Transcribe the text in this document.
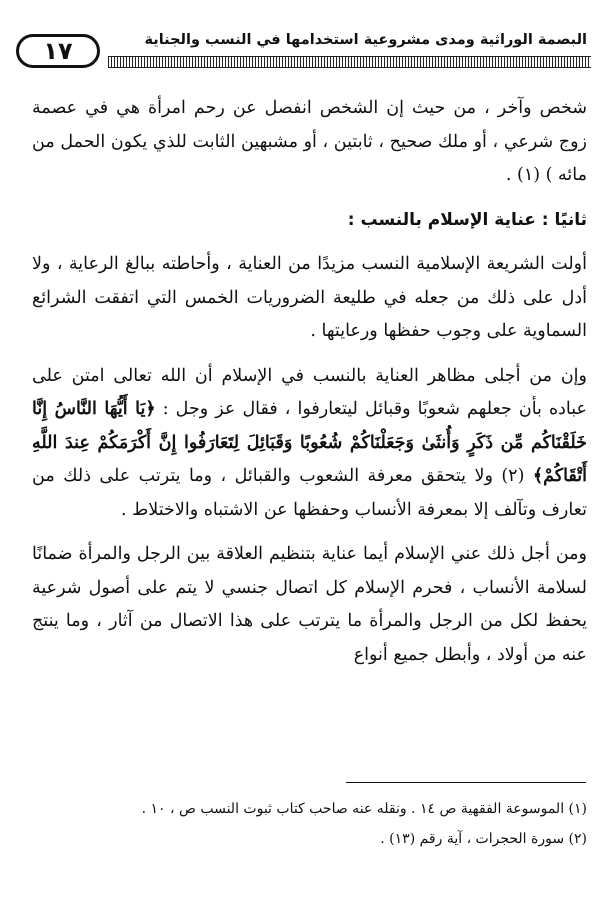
١٧	البصمة الوراثية ومدى مشروعية استخدامها في النسب والجناية

شخص وآخر ، من حيث إن الشخص انفصل عن رحم امرأة هي في عصمة زوج شرعي ، أو ملك صحيح ، ثابتين ، أو مشبهين الثابت للذي يكون الحمل من مائه ) (١) .

ثانيًا : عناية الإسلام بالنسب :

أولت الشريعة الإسلامية النسب مزيدًا من العناية ، وأحاطته ببالغ الرعاية ، ولا أدل على ذلك من جعله في طليعة الضروريات الخمس التي اتفقت الشرائع السماوية على وجوب حفظها ورعايتها .

وإن من أجلى مظاهر العناية بالنسب في الإسلام أن الله تعالى امتن على عباده بأن جعلهم شعوبًا وقبائل ليتعارفوا ، فقال عز وجل : ﴿يَا أَيُّهَا النَّاسُ إِنَّا خَلَقْنَاكُم مِّن ذَكَرٍ وَأُنثَىٰ وَجَعَلْنَاكُمْ شُعُوبًا وَقَبَائِلَ لِتَعَارَفُوا إِنَّ أَكْرَمَكُمْ عِندَ اللَّهِ أَتْقَاكُمْ﴾ (٢) ولا يتحقق معرفة الشعوب والقبائل ، وما يترتب على ذلك من تعارف وتآلف إلا بمعرفة الأنساب وحفظها عن الاشتباه والاختلاط .

ومن أجل ذلك عني الإسلام أيما عناية بتنظيم العلاقة بين الرجل والمرأة ضمانًا لسلامة الأنساب ، فحرم الإسلام كل اتصال جنسي لا يتم على أصول شرعية يحفظ لكل من الرجل والمرأة ما يترتب على هذا الاتصال من آثار ، وما ينتج عنه من أولاد ، وأبطل جميع أنواع

(١) الموسوعة الفقهية ص ١٤ . ونقله عنه صاحب كتاب ثبوت النسب ص ، ١٠ .

(٢) سورة الحجرات ، آية رقم (١٣) .
